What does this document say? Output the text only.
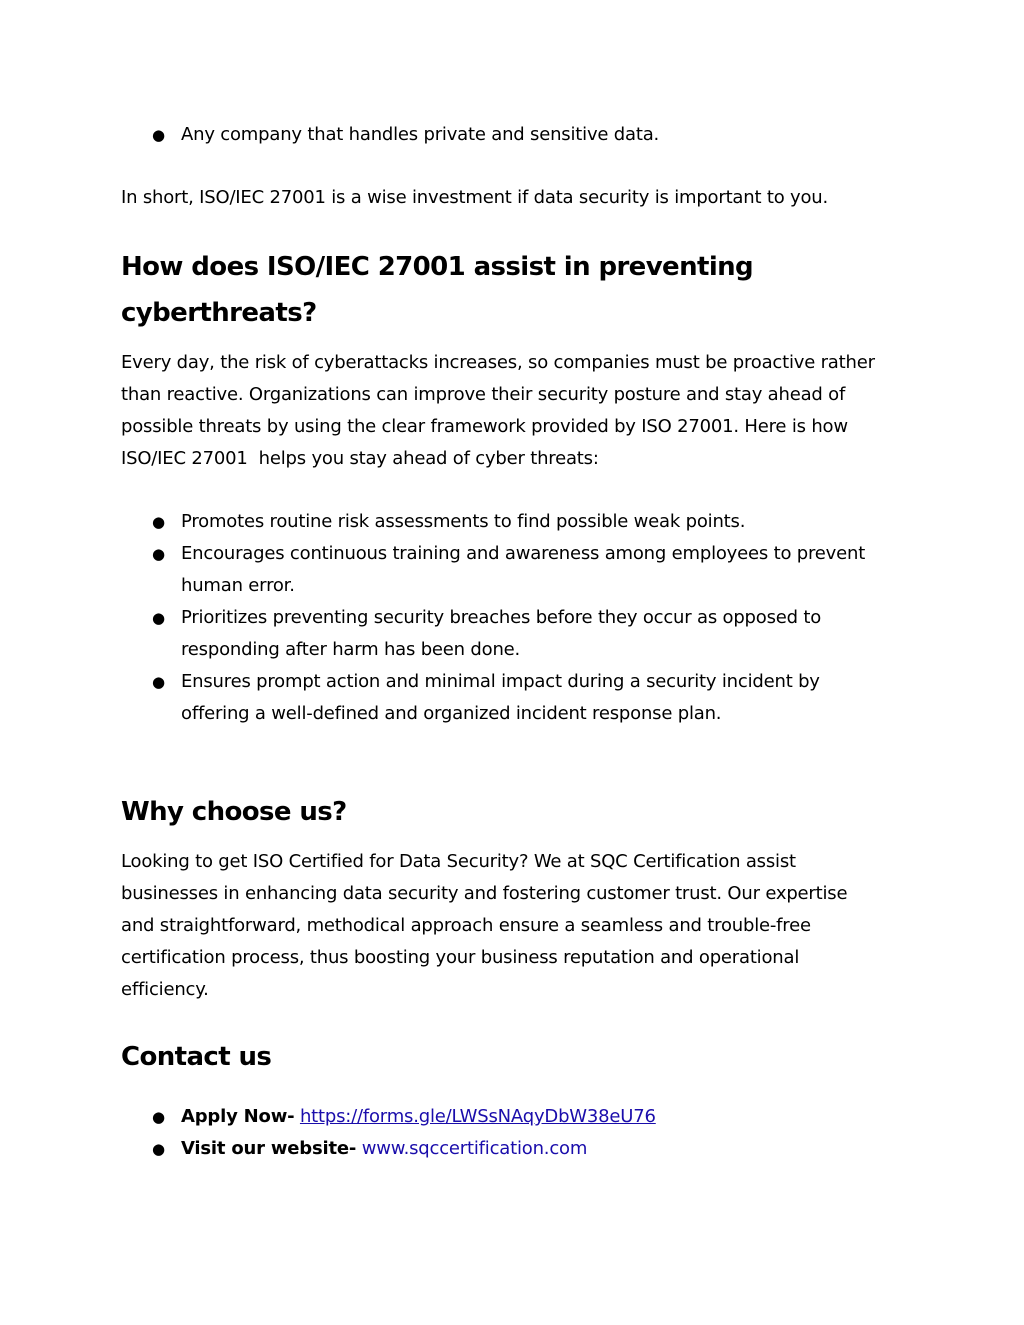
● Any company that handles private and sensitive data.

In short, ISO/IEC 27001 is a wise investment if data security is important to you.

How does ISO/IEC 27001 assist in preventing
cyberthreats?
Every day, the risk of cyberattacks increases, so companies must be proactive rather
than reactive. Organizations can improve their security posture and stay ahead of
possible threats by using the clear framework provided by ISO 27001. Here is how
ISO/IEC 27001  helps you stay ahead of cyber threats:
● Promotes routine risk assessments to find possible weak points.
● Encourages continuous training and awareness among employees to prevent
human error.
● Prioritizes preventing security breaches before they occur as opposed to
responding after harm has been done.
● Ensures prompt action and minimal impact during a security incident by
offering a well-defined and organized incident response plan.
Why choose us?
Looking to get ISO Certified for Data Security? We at SQC Certification assist
businesses in enhancing data security and fostering customer trust. Our expertise
and straightforward, methodical approach ensure a seamless and trouble-free
certification process, thus boosting your business reputation and operational
efficiency.
Contact us
● Apply Now- https://forms.gle/LWSsNAqyDbW38eU76
● Visit our website- www.sqccertification.com
